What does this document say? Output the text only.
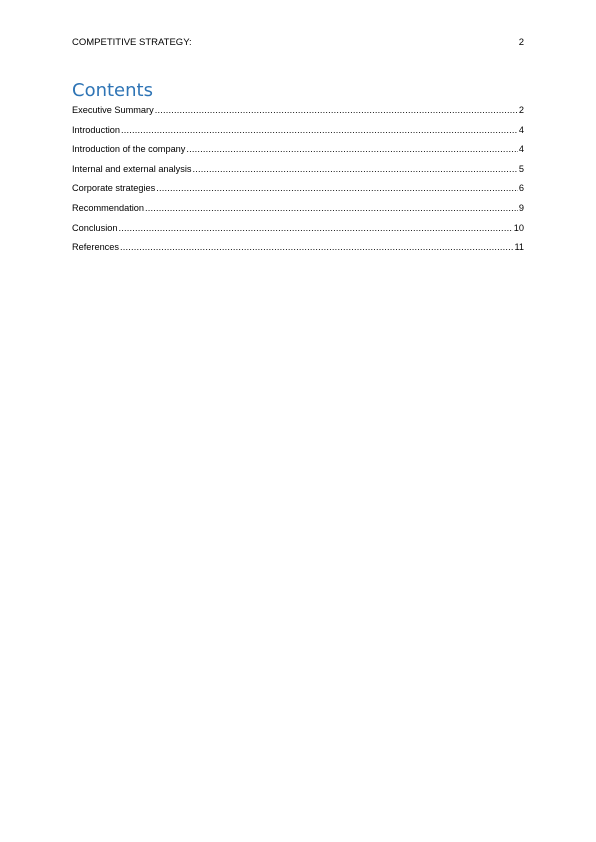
COMPETITIVE STRATEGY:	2
Contents
Executive Summary .....	2
Introduction .....	4
Introduction of the company .....	4
Internal and external analysis .....	5
Corporate strategies .....	6
Recommendation .....	9
Conclusion .....	10
References .....	11
